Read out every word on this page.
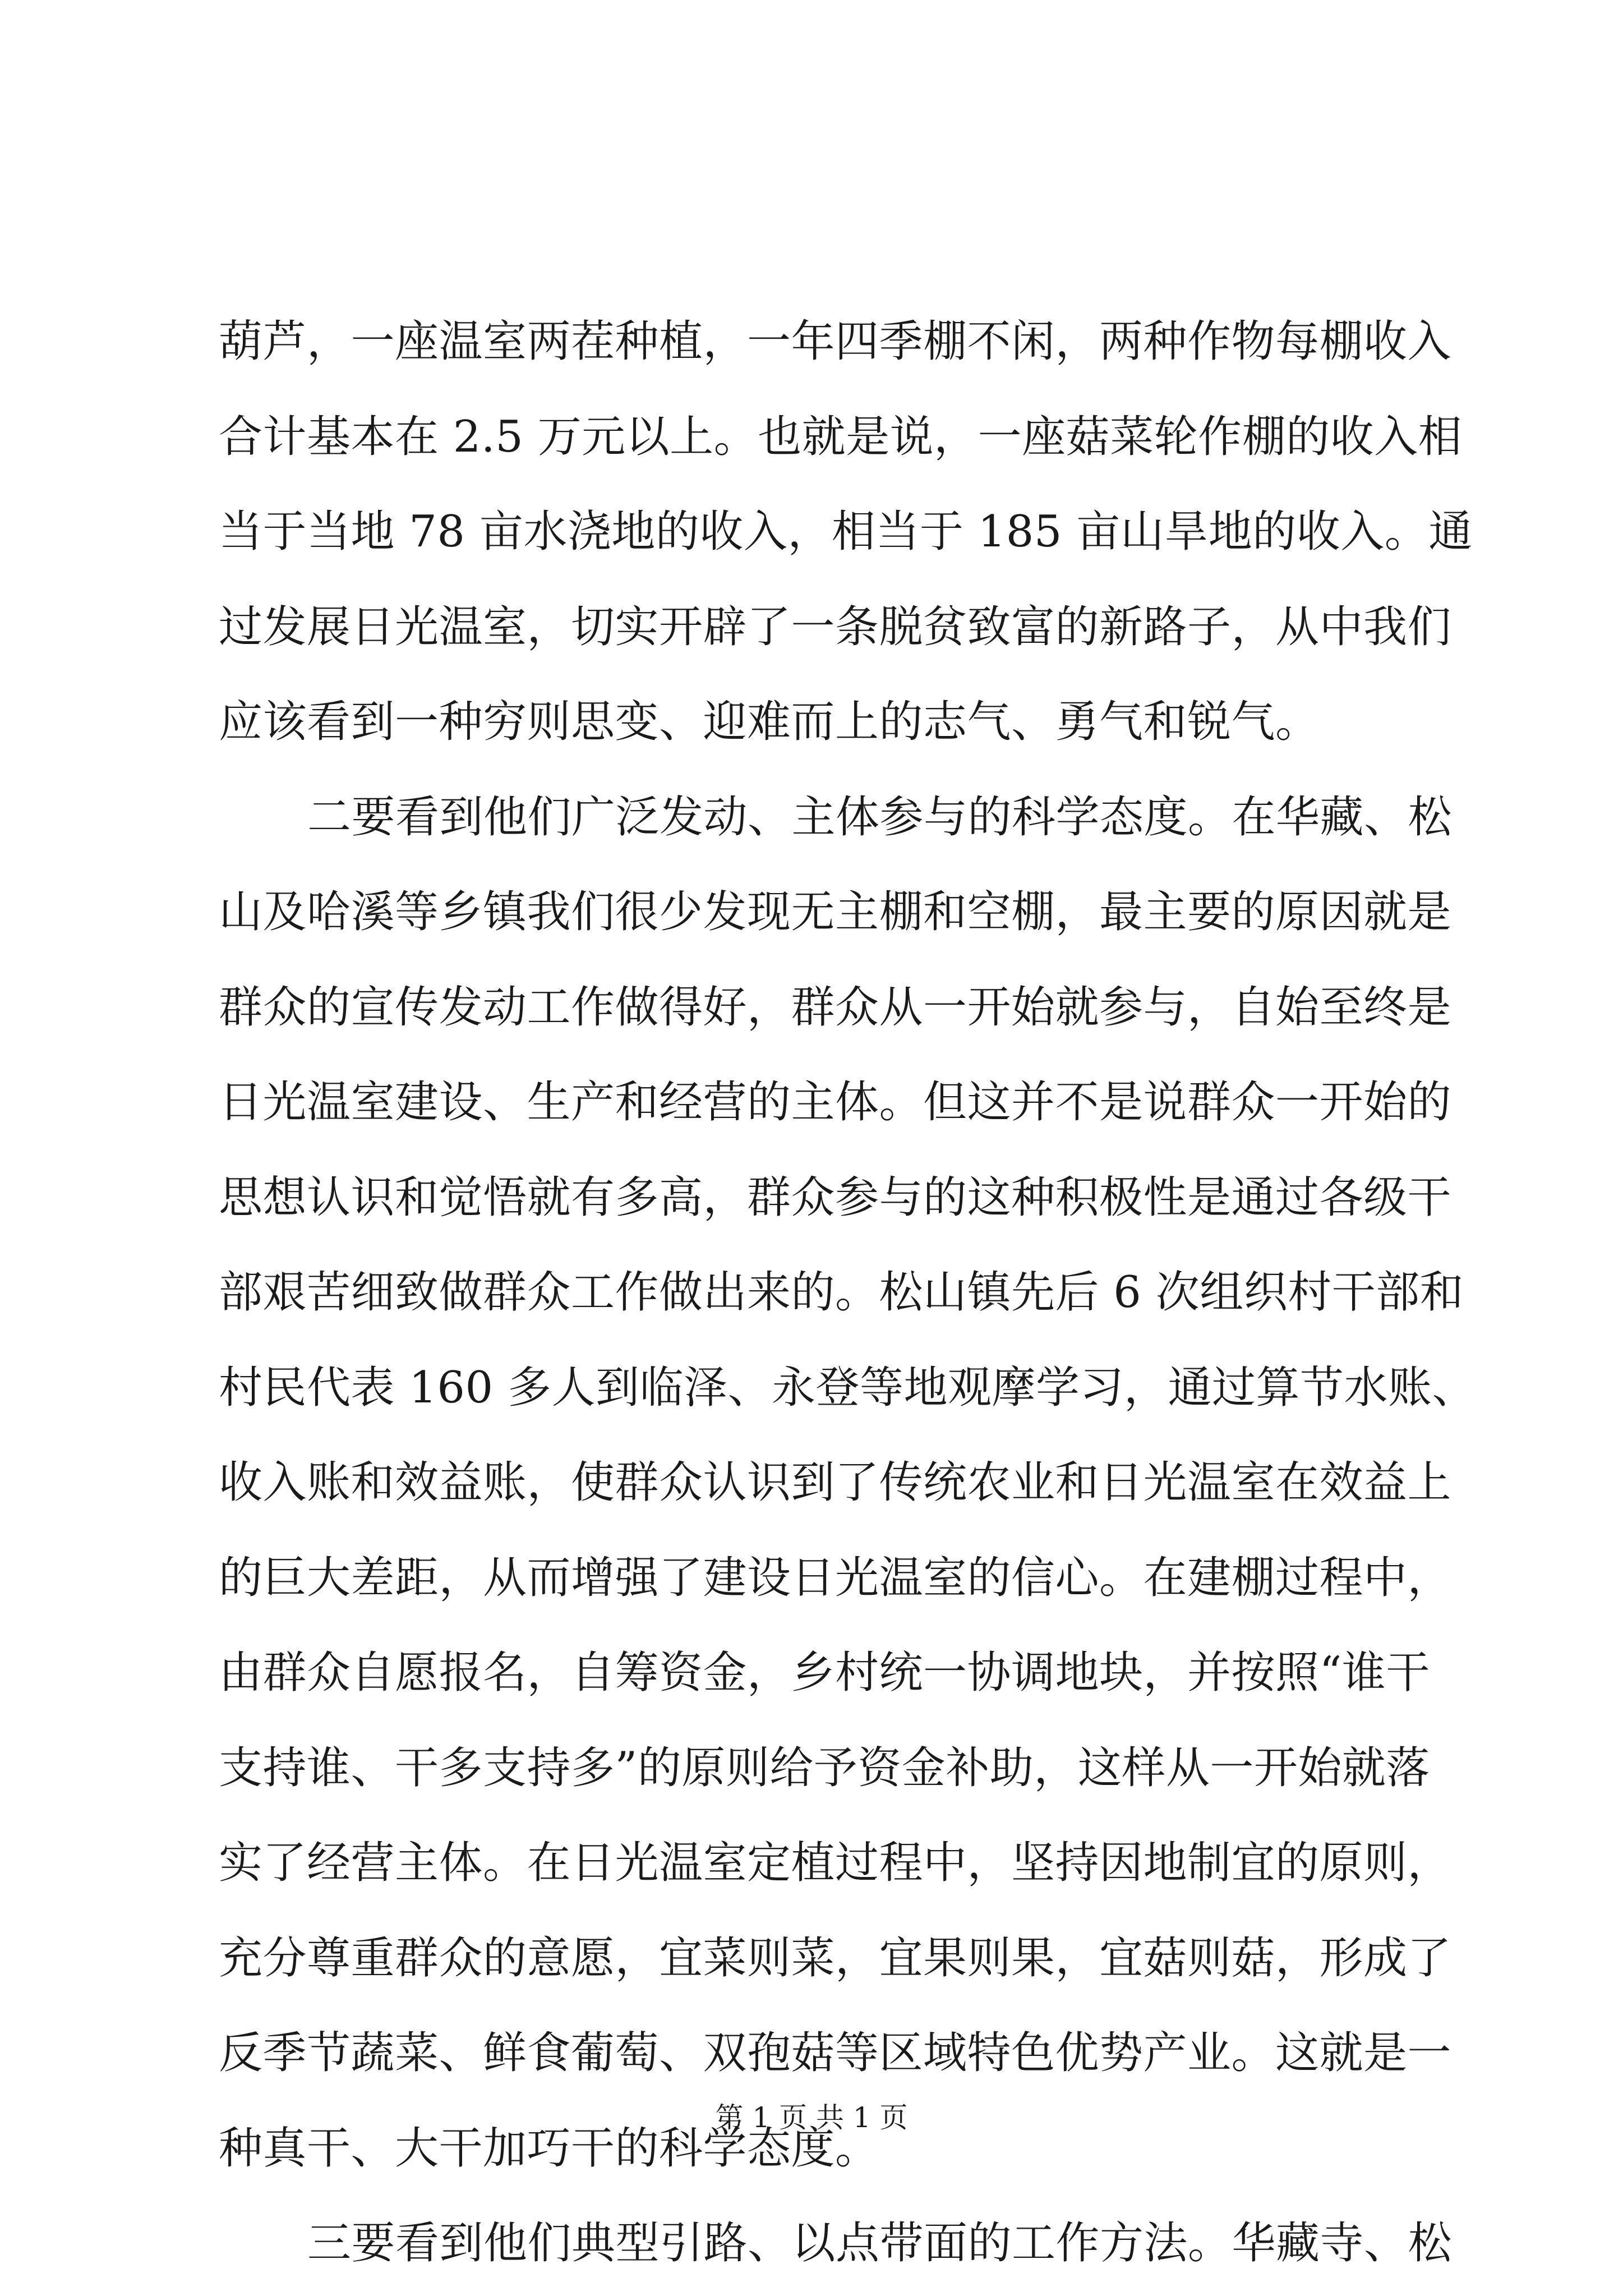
葫芦，一座温室两茬种植，一年四季棚不闲，两种作物每棚收入
合计基本在 2.5 万元以上。也就是说，一座菇菜轮作棚的收入相
当于当地 78 亩水浇地的收入，相当于 185 亩山旱地的收入。通
过发展日光温室，切实开辟了一条脱贫致富的新路子，从中我们
应该看到一种穷则思变、迎难而上的志气、勇气和锐气。
二要看到他们广泛发动、主体参与的科学态度。在华藏、松
山及哈溪等乡镇我们很少发现无主棚和空棚，最主要的原因就是
群众的宣传发动工作做得好，群众从一开始就参与，自始至终是
日光温室建设、生产和经营的主体。但这并不是说群众一开始的
思想认识和觉悟就有多高，群众参与的这种积极性是通过各级干
部艰苦细致做群众工作做出来的。松山镇先后 6 次组织村干部和
村民代表 160 多人到临泽、永登等地观摩学习，通过算节水账、
收入账和效益账，使群众认识到了传统农业和日光温室在效益上
的巨大差距，从而增强了建设日光温室的信心。在建棚过程中，
由群众自愿报名，自筹资金，乡村统一协调地块，并按照“谁干
支持谁、干多支持多”的原则给予资金补助，这样从一开始就落
实了经营主体。在日光温室定植过程中，坚持因地制宜的原则，
充分尊重群众的意愿，宜菜则菜，宜果则果，宜菇则菇，形成了
反季节蔬菜、鲜食葡萄、双孢菇等区域特色优势产业。这就是一
种真干、大干加巧干的科学态度。
三要看到他们典型引路、以点带面的工作方法。华藏寺、松
第 1 页 共 1 页
